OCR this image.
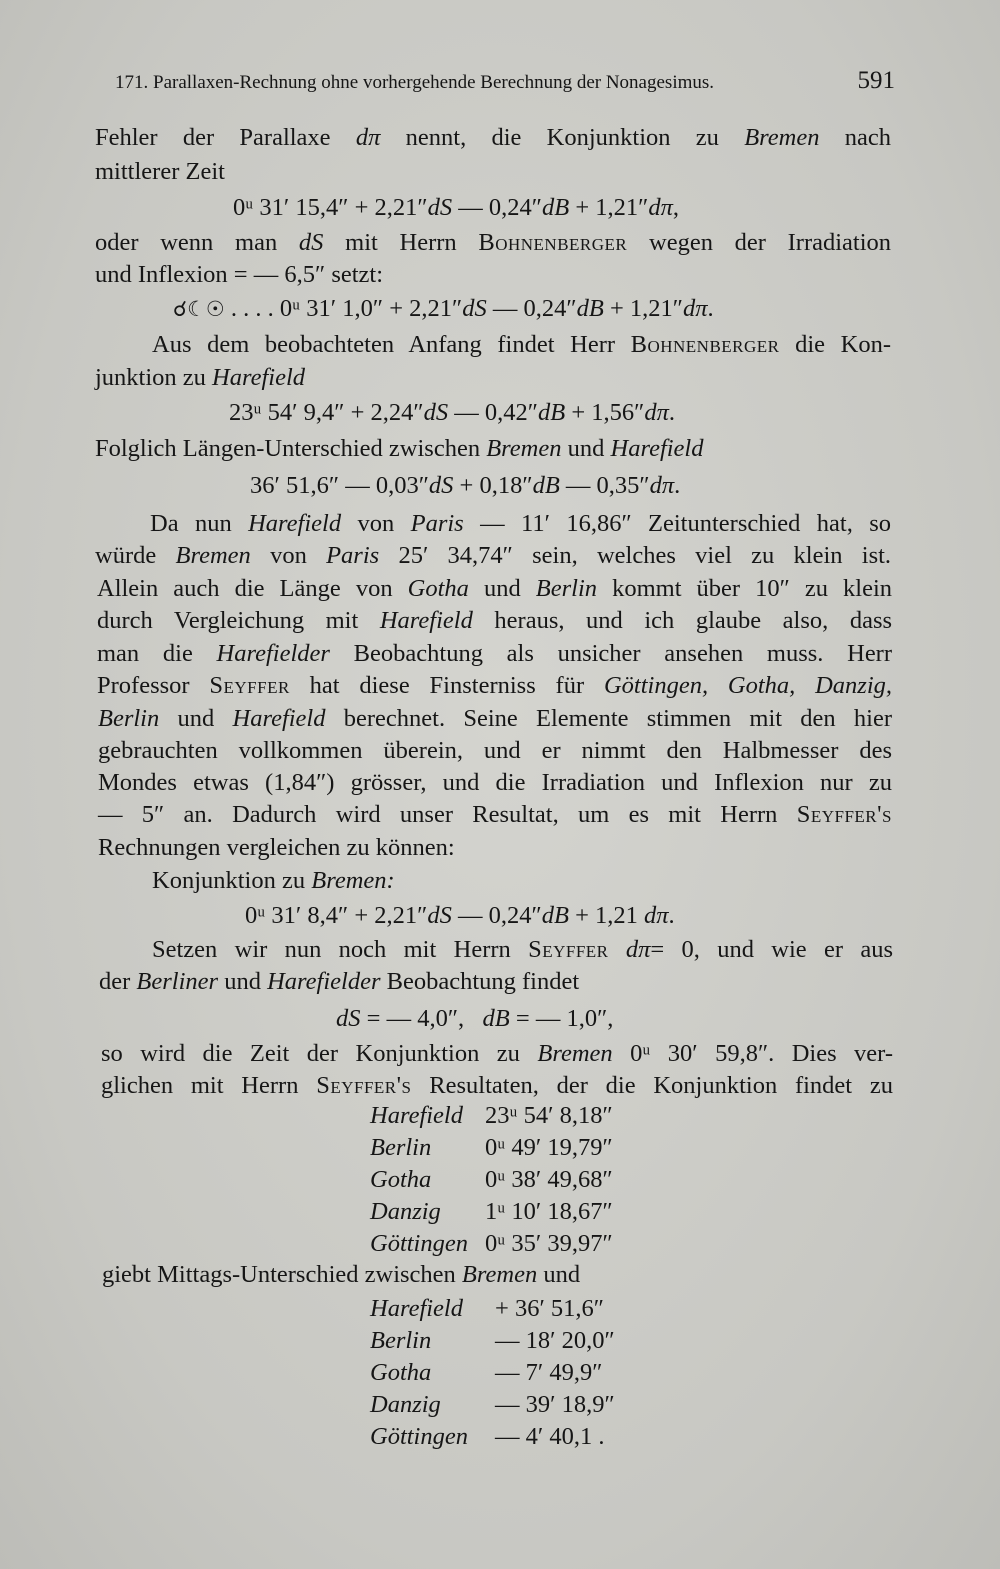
171. Parallaxen-Rechnung ohne vorhergehende Berechnung der Nonagesimus.	591
Fehler der Parallaxe dπ nennt, die Konjunktion zu Bremen nach
mittlerer Zeit
0ᵘ 31′ 15,4″ + 2,21″dS — 0,24″dB + 1,21″dπ,
oder wenn man dS mit Herrn Bohnenberger wegen der Irradiation
und Inflexion = — 6,5″ setzt:
☌☾☉ . . . . 0ᵘ 31′ 1,0″ + 2,21″dS — 0,24″dB + 1,21″dπ.
Aus dem beobachteten Anfang findet Herr Bohnenberger die Kon-
junktion zu Harefield
23ᵘ 54′ 9,4″ + 2,24″dS — 0,42″dB + 1,56″dπ.
Folglich Längen-Unterschied zwischen Bremen und Harefield
36′ 51,6″ — 0,03″dS + 0,18″dB — 0,35″dπ.
Da nun Harefield von Paris — 11′ 16,86″ Zeitunterschied hat, so
würde Bremen von Paris 25′ 34,74″ sein, welches viel zu klein ist.
Allein auch die Länge von Gotha und Berlin kommt über 10″ zu klein
durch Vergleichung mit Harefield heraus, und ich glaube also, dass
man die Harefielder Beobachtung als unsicher ansehen muss. Herr
Professor Seyffer hat diese Finsterniss für Göttingen, Gotha, Danzig,
Berlin und Harefield berechnet. Seine Elemente stimmen mit den hier
gebrauchten vollkommen überein, und er nimmt den Halbmesser des
Mondes etwas (1,84″) grösser, und die Irradiation und Inflexion nur zu
— 5″ an. Dadurch wird unser Resultat, um es mit Herrn Seyffer's
Rechnungen vergleichen zu können:
Konjunktion zu Bremen:
0ᵘ 31′ 8,4″ + 2,21″dS — 0,24″dB + 1,21 dπ.
Setzen wir nun noch mit Herrn Seyffer dπ= 0, und wie er aus
der Berliner und Harefielder Beobachtung findet
dS = — 4,0″, dB = — 1,0″,
so wird die Zeit der Konjunktion zu Bremen 0ᵘ 30′ 59,8″. Dies ver-
glichen mit Herrn Seyffer's Resultaten, der die Konjunktion findet zu
Harefield 23ᵘ 54′ 8,18″
Berlin 0ᵘ 49′ 19,79″
Gotha 0ᵘ 38′ 49,68″
Danzig 1ᵘ 10′ 18,67″
Göttingen 0ᵘ 35′ 39,97″
giebt Mittags-Unterschied zwischen Bremen und
Harefield + 36′ 51,6″
Berlin	— 18′ 20,0″
Gotha	— 7′ 49,9″
Danzig — 39′ 18,9″
Göttingen — 4′ 40,1 .
